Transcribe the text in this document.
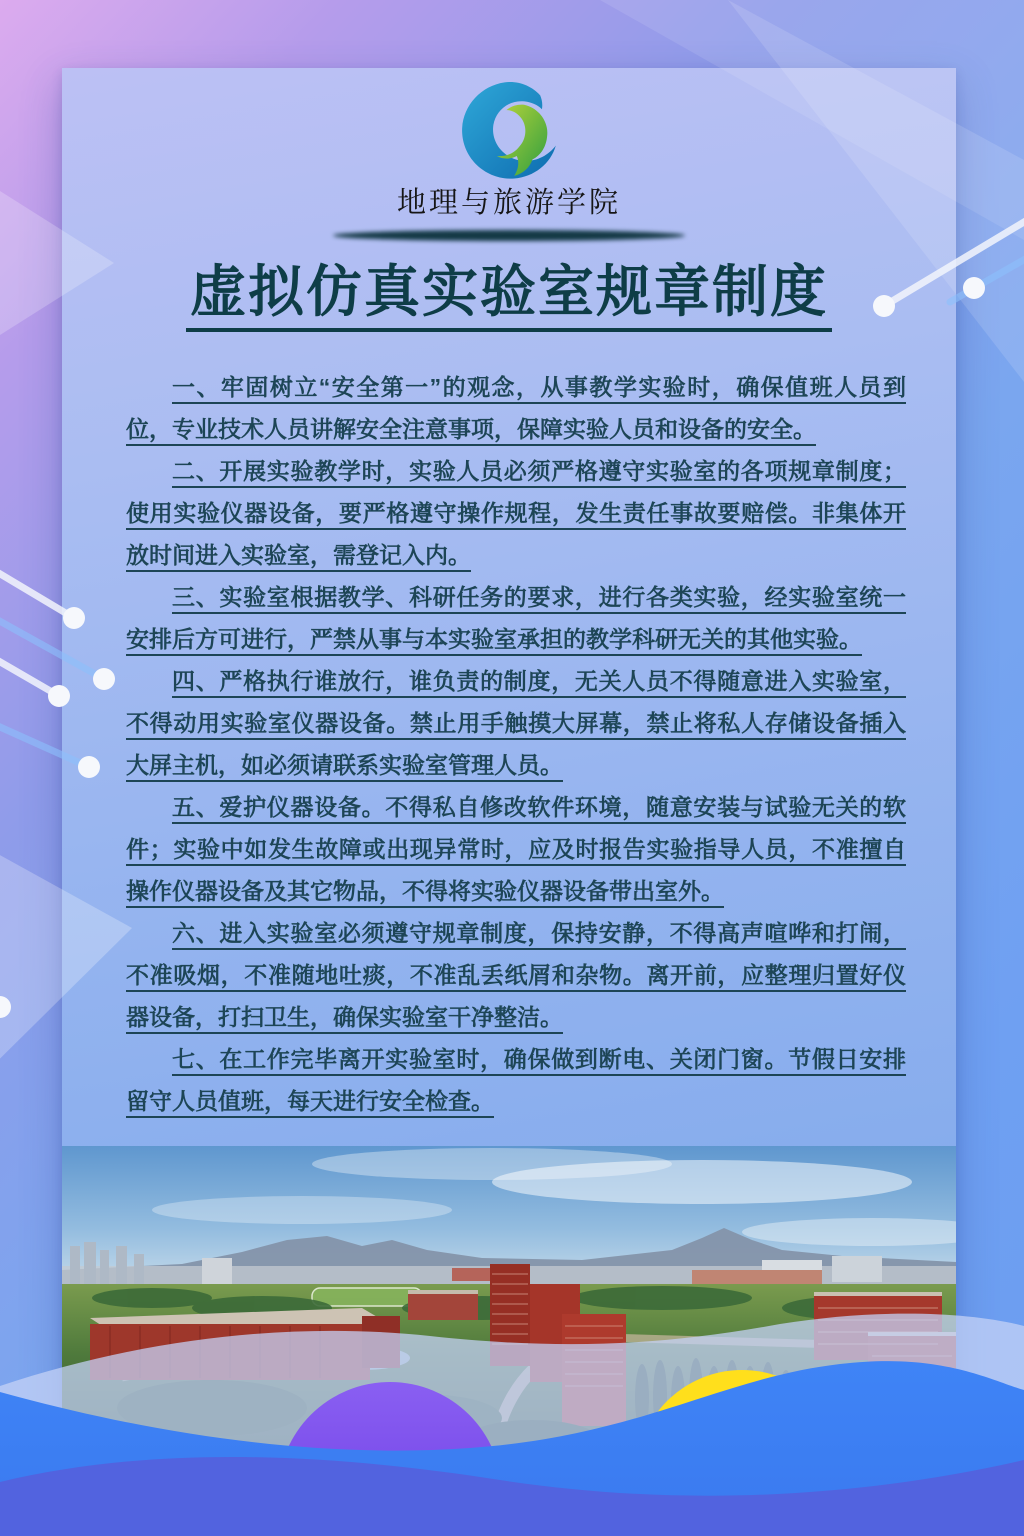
地理与旅游学院
虚拟仿真实验室规章制度

一、牢固树立“安全第一”的观念，从事教学实验时，确保值班人员到位，专业技术人员讲解安全注意事项，保障实验人员和设备的安全。

二、开展实验教学时，实验人员必须严格遵守实验室的各项规章制度；使用实验仪器设备，要严格遵守操作规程，发生责任事故要赔偿。非集体开放时间进入实验室，需登记入内。

三、实验室根据教学、科研任务的要求，进行各类实验，经实验室统一安排后方可进行，严禁从事与本实验室承担的教学科研无关的其他实验。

四、严格执行谁放行，谁负责的制度，无关人员不得随意进入实验室，不得动用实验室仪器设备。禁止用手触摸大屏幕，禁止将私人存储设备插入大屏主机，如必须请联系实验室管理人员。

五、爱护仪器设备。不得私自修改软件环境，随意安装与试验无关的软件；实验中如发生故障或出现异常时，应及时报告实验指导人员，不准擅自操作仪器设备及其它物品，不得将实验仪器设备带出室外。

六、进入实验室必须遵守规章制度，保持安静，不得高声喧哗和打闹，不准吸烟，不准随地吐痰，不准乱丢纸屑和杂物。离开前，应整理归置好仪器设备，打扫卫生，确保实验室干净整洁。

七、在工作完毕离开实验室时，确保做到断电、关闭门窗。节假日安排留守人员值班，每天进行安全检查。
